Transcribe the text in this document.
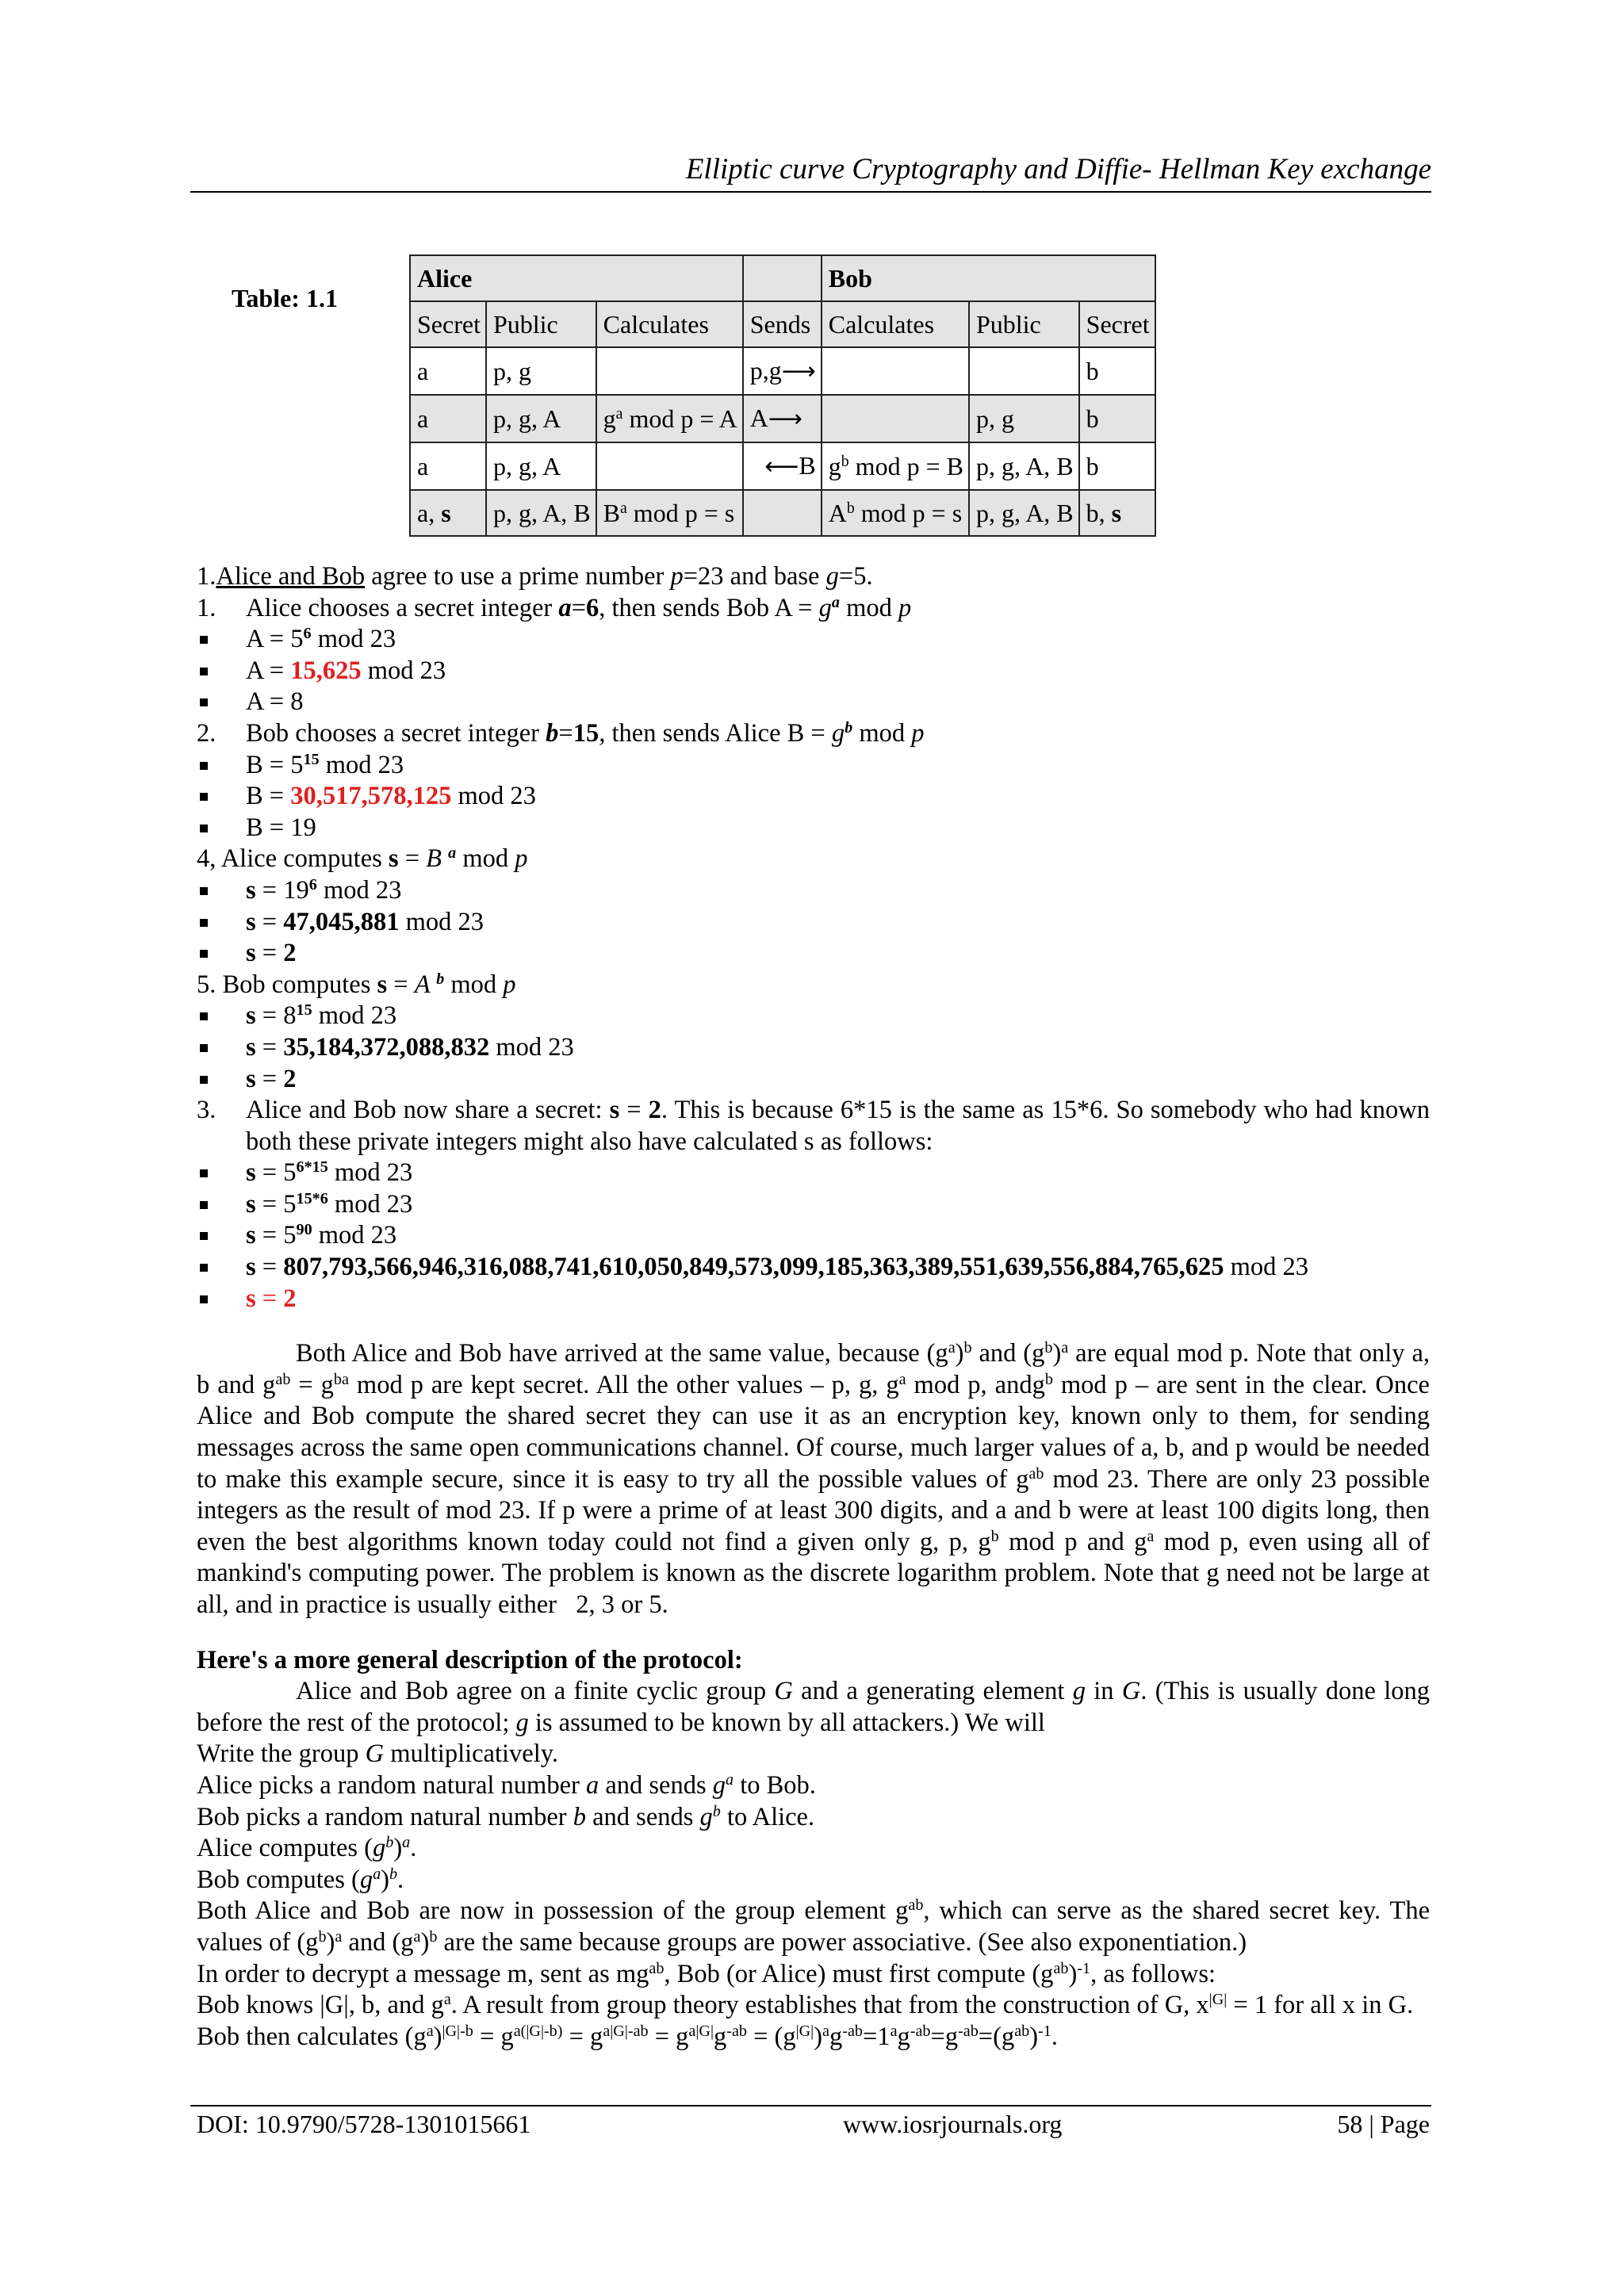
Elliptic curve Cryptography and Diffie- Hellman Key exchange
Table: 1.1
Alice				Bob		
Secret	Public	Calculates	Sends	Calculates	Public	Secret
a	p, g		p,g⟶			b
a	p, g, A	$g^a$ mod p = A	A⟶		p, g	b
a	p, g, A		⟵B	$g^b$ mod p = B	p, g, A, B	b
a, s	p, g, A, B	$B^a$ mod p = s		$A^b$ mod p = s	p, g, A, B	b, s

1.Alice and Bob agree to use a prime number p=23 and base g=5.

1. Alice chooses a secret integer a=6, then sends Bob $A = g^a$ mod p
$A = 5^6$ mod 23
A = 15,625 mod 23
A = 8
2. Bob chooses a secret integer b=15, then sends Alice $B = g^b$ mod p
$B = 5^{15}$ mod 23
B = 30,517,578,125 mod 23
B = 19

4, Alice computes s = B $^a$ mod p

$s = 19^6$ mod 23
s = 47,045,881 mod 23
s = 2

5. Bob computes s = A $^b$ mod p

$s = 8^{15}$ mod 23
s = 35,184,372,088,832 mod 23
s = 2
3. Alice and Bob now share a secret: s = 2. This is because 6*15 is the same as 15*6. So somebody who had known both these private integers might also have calculated s as follows:
$s = 5^{6*15}$ mod 23
$s = 5^{15*6}$ mod 23
$s = 5^{90}$ mod 23
s = 807,793,566,946,316,088,741,610,050,849,573,099,185,363,389,551,639,556,884,765,625 mod 23
s = 2

Both Alice and Bob have arrived at the same value, because $(g^a)^b$ and $(g^b)^a$ are equal mod p. Note that only a, b and $g^{ab} = g^{ba}$ mod p are kept secret. All the other values – p, g, $g^a$ mod p, andg$^b$ mod p – are sent in the clear. Once Alice and Bob compute the shared secret they can use it as an encryption key, known only to them, for sending messages across the same open communications channel. Of course, much larger values of a, b, and p would be needed to make this example secure, since it is easy to try all the possible values of $g^{ab}$ mod 23. There are only 23 possible integers as the result of mod 23. If p were a prime of at least 300 digits, and a and b were at least 100 digits long, then even the best algorithms known today could not find a given only g, p, $g^b$ mod p and $g^a$ mod p, even using all of mankind's computing power. The problem is known as the discrete logarithm problem. Note that g need not be large at all, and in practice is usually either   2, 3 or 5.

Here's a more general description of the protocol:

Alice and Bob agree on a finite cyclic group G and a generating element g in G. (This is usually done long before the rest of the protocol; g is assumed to be known by all attackers.) We will

Write the group G multiplicatively.

Alice picks a random natural number a and sends $g^a$ to Bob.

Bob picks a random natural number b and sends $g^b$ to Alice.

Alice computes $(g^b)^a$.

Bob computes $(g^a)^b$.

Both Alice and Bob are now in possession of the group element $g^{ab}$, which can serve as the shared secret key. The values of $(g^b)^a$ and $(g^a)^b$ are the same because groups are power associative. (See also exponentiation.)

In order to decrypt a message m, sent as $mg^{ab}$, Bob (or Alice) must first compute $(g^{ab})^{-1}$, as follows:

Bob knows |G|, b, and $g^a$. A result from group theory establishes that from the construction of G, $x^{|G|} = 1$ for all x in G.

Bob then calculates $(g^a)^{|G|-b} = g^{a(|G|-b)} = g^{a|G|-ab} = g^{a|G|}g^{-ab} = (g^{|G|})^ag^{-ab}=1^ag^{-ab}=g^{-ab}=(g^{ab})^{-1}$.

DOI: 10.9790/5728-1301015661	www.iosrjournals.org	58 | Page
